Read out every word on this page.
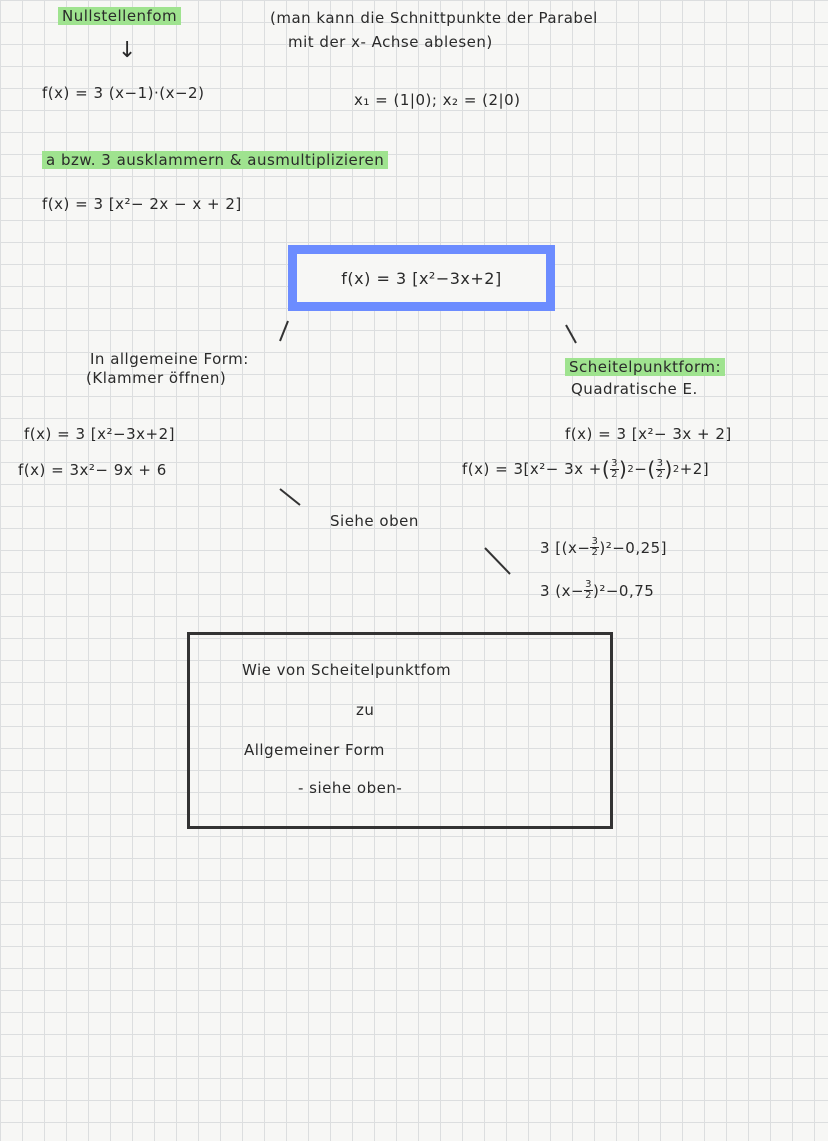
Nullstellenfom	(man kann die Schnittpunkte der Parabel
mit der x- Achse ablesen)
↓
f(x) = 3 (x−1)·(x−2)	x₁ = (1|0); x₂ = (2|0)
a bzw. 3 ausklammern & ausmultiplizieren
f(x) = 3 [x²− 2x − x + 2]
f(x) = 3 [x²−3x+2]
In allgemeine Form:
(Klammer öffnen)
f(x) = 3 [x²−3x+2]
f(x) = 3x²− 9x + 6
Scheitelpunktform:
Quadratische E.
f(x) = 3 [x²− 3x + 2]
f(x) = 3[x²− 3x + ( $\frac{3}{2}$ ) 2 − ( $\frac{3}{2}$ ) 2 +2]
3 $[(x- \frac{3}{2} )^2-0,25]$
3 $(x- \frac{3}{2} )^2-0,75$
Siehe oben
Wie von Scheitelpunktfom
zu
Allgemeiner Form
- siehe oben-
